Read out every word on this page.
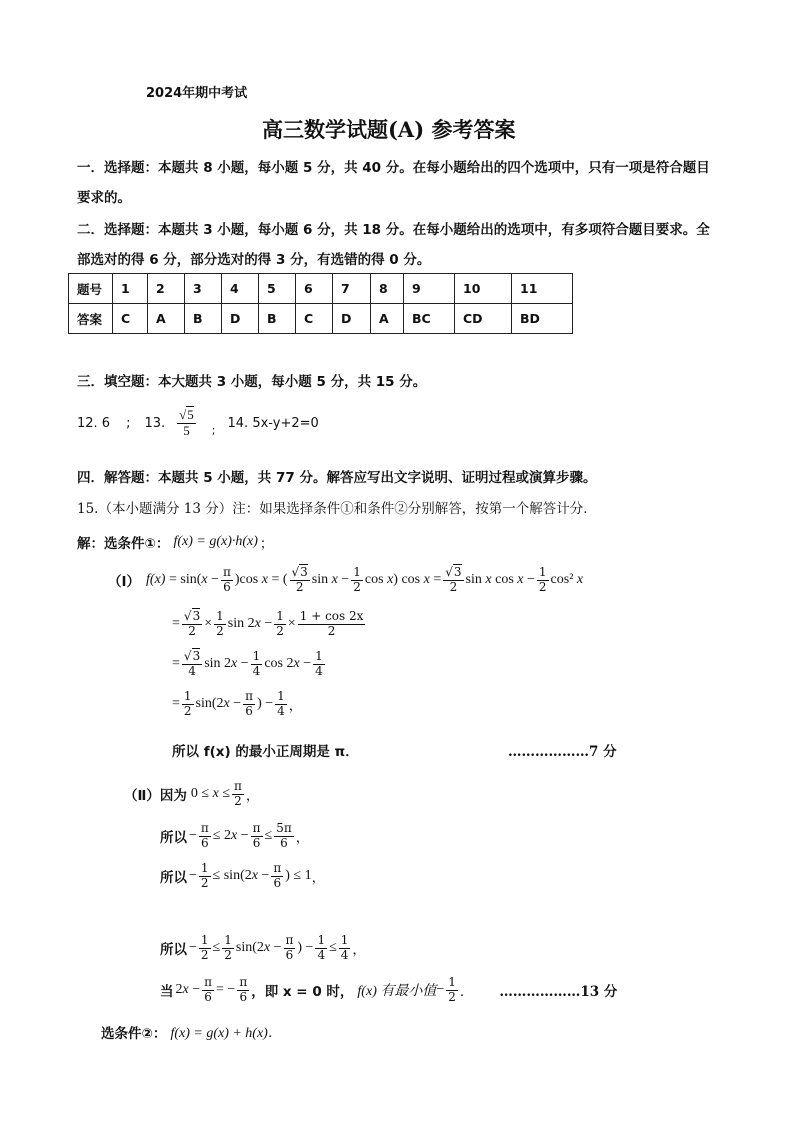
2024年期中考试
高三数学试题(A) 参考答案
一．选择题：本题共 8 小题，每小题 5 分，共 40 分。在每小题给出的四个选项中，只有一项是符合题目
要求的。
二．选择题：本题共 3 小题，每小题 6 分，共 18 分。在每小题给出的选项中，有多项符合题目要求。全
部选对的得 6 分，部分选对的得 3 分，有选错的得 0 分。
题号	1	2	3	4	5	6	7	8	9	10	11
答案	C	A	B	D	B	C	D	A	BC	CD	BD
三．填空题：本大题共 3 小题，每小题 5 分，共 15 分。
12. 6 ; 13. $\frac{√5}{5}$ ; 14. 5x-y+2=0
四．解答题：本题共 5 小题，共 77 分。解答应写出文字说明、证明过程或演算步骤。
15.（本小题满分 13 分）注：如果选择条件①和条件②分别解答，按第一个解答计分．
解：选条件①： f(x) = g(x)·h(x) ；
（Ⅰ） $f(x) = \sin(x - \frac{\pi}{6} )\cos$ x = ( $\frac{√3}{2}$ $\sin x - \frac{1}{2}$ cos x) $\cos x = \frac{√3}{2}$ sin x $\cos x - \frac{1}{2} \cos^2$ x
= $\frac{√3}{2} \times \frac{1}{2}$ $\sin 2x - \frac{1}{2} \times \frac{1 + \cos 2x}{2}$
= $\frac{√3}{4}$ $\sin 2x - \frac{1}{4}$ $\cos 2x - \frac{1}{4}$
= $\frac{1}{2} \sin(2x - \frac{\pi}{6}$ ) − $\frac{1}{4}$ ，
所以 f(x) 的最小正周期是 π．	………………7 分
（Ⅱ）因为 $0 \le x \le \frac{\pi}{2}$ ，
所以 − $\frac{\pi}{6} \le 2x - \frac{\pi}{6} \le \frac{5\pi}{6}$ ，
所以 − $\frac{1}{2} \le \sin(2x - \frac{\pi}{6}$ ) ≤ 1 ，
所以 − $\frac{1}{2} \le \frac{1}{2} \sin(2x - \frac{\pi}{6}$ ) − $\frac{1}{4} \le \frac{1}{4}$ ，
当 $2x - \frac{\pi}{6}$ = − $\frac{\pi}{6}$ ，即 x = 0 时， f(x) 有最小值 − $\frac{1}{2}$ ． ………………13 分
选条件②： f(x) = g(x) + h(x)．
